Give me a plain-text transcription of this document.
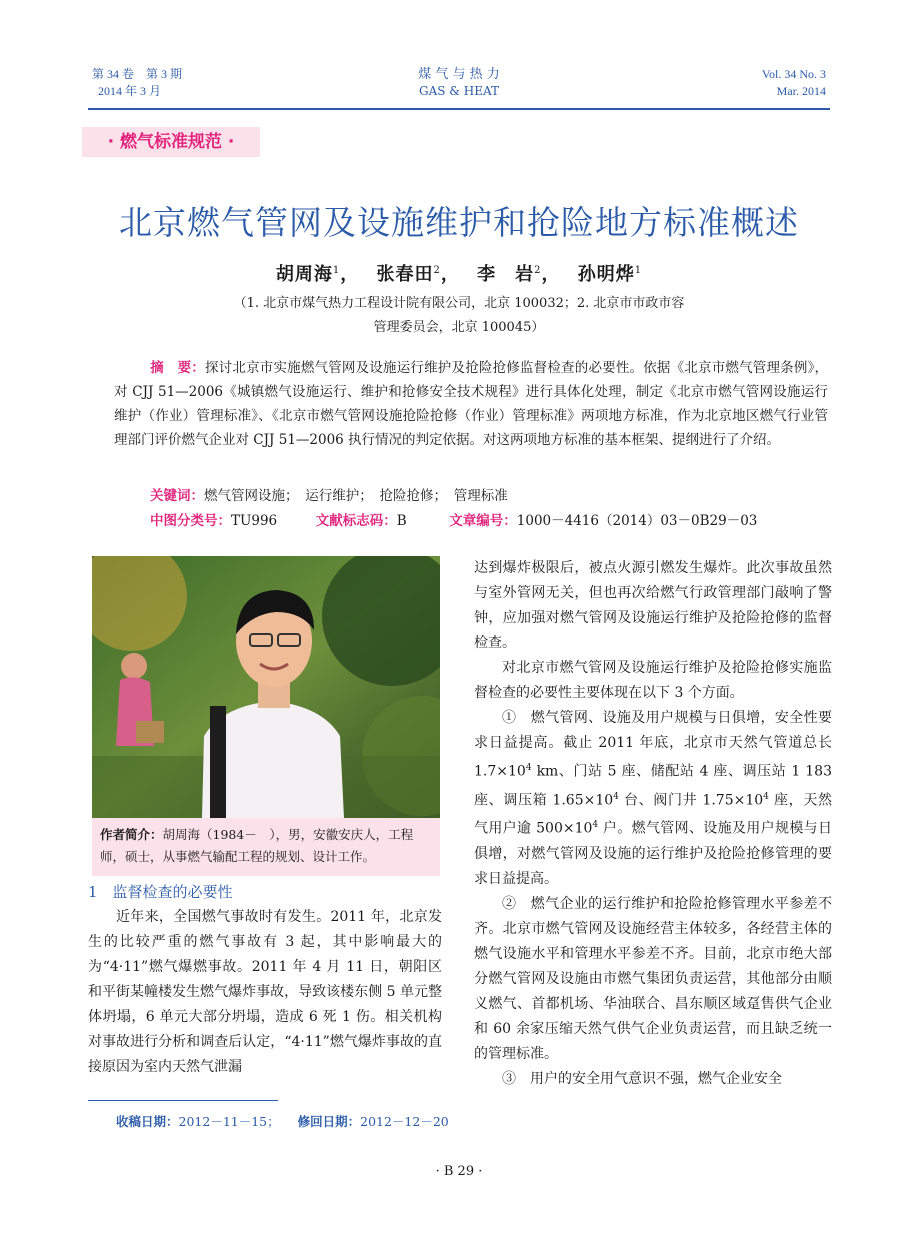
第 34 卷　第 3 期
2014 年 3 月
煤 气 与 热 力
GAS & HEAT
Vol. 34 No. 3
Mar. 2014
· 燃气标准规范 ·
北京燃气管网及设施维护和抢险地方标准概述
胡周海$^1$，　 张春田$^2$，　 李　岩$^2$，　 孙明烨$^1$
（1. 北京市煤气热力工程设计院有限公司，北京 100032；2. 北京市市政市容
管理委员会，北京 100045）
摘　要：探讨北京市实施燃气管网及设施运行维护及抢险抢修监督检查的必要性。依据《北京市燃气管理条例》，对 CJJ 51—2006《城镇燃气设施运行、维护和抢修安全技术规程》进行具体化处理，制定《北京市燃气管网设施运行维护（作业）管理标准》、《北京市燃气管网设施抢险抢修（作业）管理标准》两项地方标准，作为北京地区燃气行业管理部门评价燃气企业对 CJJ 51—2006 执行情况的判定依据。对这两项地方标准的基本框架、提纲进行了介绍。
关键词：燃气管网设施；　运行维护；　抢险抢修；　管理标准
中图分类号：TU996	文献标志码：B	文章编号：1000－4416（2014）03－0B29－03
作者简介：胡周海（1984－　），男，安徽安庆人，工程师，硕士，从事燃气输配工程的规划、设计工作。
1　监督检查的必要性

近年来，全国燃气事故时有发生。2011 年，北京发生的比较严重的燃气事故有 3 起，其中影响最大的为“4·11”燃气爆燃事故。2011 年 4 月 11 日，朝阳区和平街某幢楼发生燃气爆炸事故，导致该楼东侧 5 单元整体坍塌，6 单元大部分坍塌，造成 6 死 1 伤。相关机构对事故进行分析和调查后认定，“4·11”燃气爆炸事故的直接原因为室内天然气泄漏

达到爆炸极限后，被点火源引燃发生爆炸。此次事故虽然与室外管网无关，但也再次给燃气行政管理部门敲响了警钟，应加强对燃气管网及设施运行维护及抢险抢修的监督检查。

对北京市燃气管网及设施运行维护及抢险抢修实施监督检查的必要性主要体现在以下 3 个方面。

①　燃气管网、设施及用户规模与日俱增，安全性要求日益提高。截止 2011 年底，北京市天然气管道总长 $1.7\times 10^4$ km、门站 5 座、储配站 4 座、调压站 1 183 座、调压箱 $1.65\times 10^4$ 台、阀门井 $1.75\times 10^4$ 座，天然气用户逾 $500\times 10^4$ 户。燃气管网、设施及用户规模与日俱增，对燃气管网及设施的运行维护及抢险抢修管理的要求日益提高。

②　燃气企业的运行维护和抢险抢修管理水平参差不齐。北京市燃气管网及设施经营主体较多，各经营主体的燃气设施水平和管理水平参差不齐。目前，北京市绝大部分燃气管网及设施由市燃气集团负责运营，其他部分由顺义燃气、首都机场、华油联合、昌东顺区域趸售供气企业和 60 余家压缩天然气供气企业负责运营，而且缺乏统一的管理标准。

③　用户的安全用气意识不强，燃气企业安全

收稿日期：2012－11－15； 修回日期：2012－12－20
· B 29 ·
